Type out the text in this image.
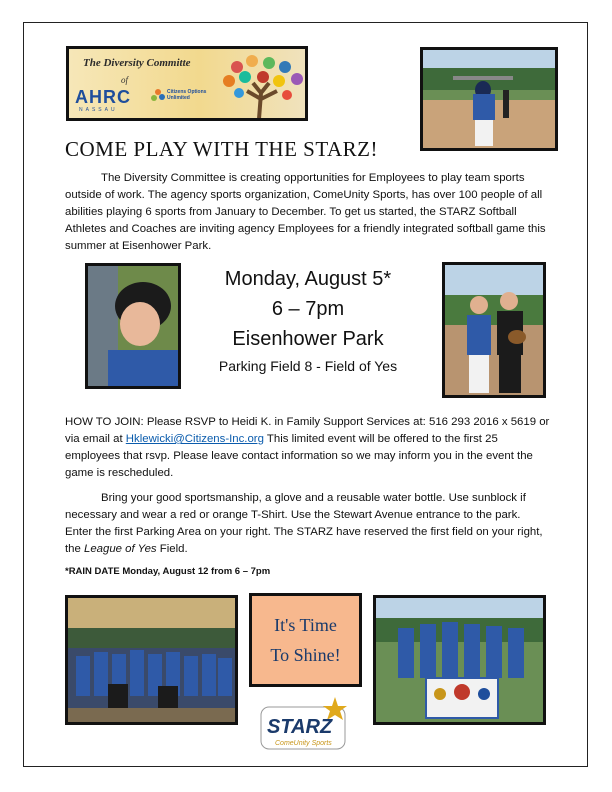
The Diversity Committe
of
AHRC
NASSAU
Citizens Options Unlimited
COME PLAY WITH THE STARZ!

The Diversity Committee is creating opportunities for Employees to play team sports outside of work. The agency sports organization, ComeUnity Sports, has over 100 people of all abilities playing 6 sports from January to December. To get us started, the STARZ Softball Athletes and Coaches are inviting agency Employees for a friendly integrated softball game this summer at Eisenhower Park.

Monday, August 5*
6 – 7pm
Eisenhower Park
Parking Field 8 - Field of Yes

HOW TO JOIN: Please RSVP to Heidi K. in Family Support Services at: 516 293 2016 x 5619 or via email at Hklewicki@Citizens-Inc.org This limited event will be offered to the first 25 employees that rsvp. Please leave contact information so we may inform you in the event the game is rescheduled.

Bring your good sportsmanship, a glove and a reusable water bottle. Use sunblock if necessary and wear a red or orange T-Shirt. Use the Stewart Avenue entrance to the park. Enter the first Parking Area on your right. The STARZ have reserved the first field on your right, the League of Yes Field.

*RAIN DATE Monday, August 12 from 6 – 7pm
It's Time
To Shine!
STARZ
ComeUnity Sports
